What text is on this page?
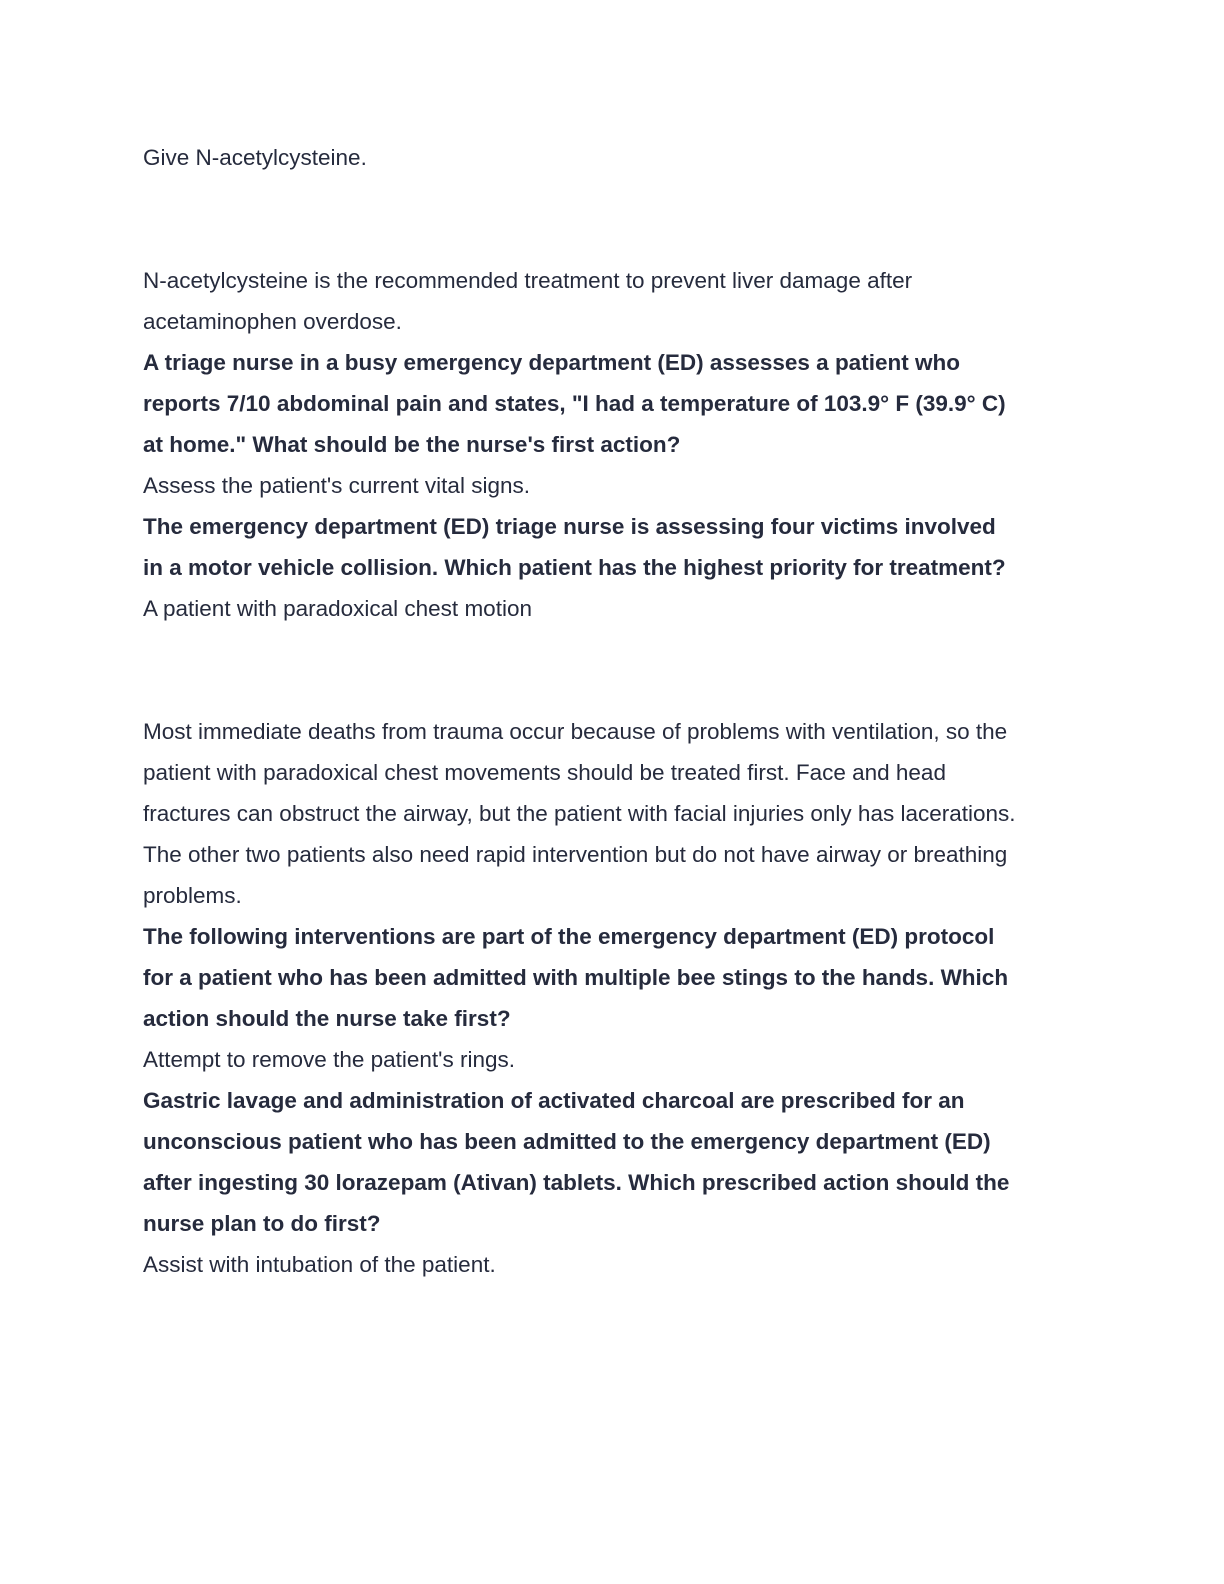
Give N-acetylcysteine.
N-acetylcysteine is the recommended treatment to prevent liver damage after
acetaminophen overdose.
A triage nurse in a busy emergency department (ED) assesses a patient who
reports 7/10 abdominal pain and states, "I had a temperature of 103.9° F (39.9° C)
at home." What should be the nurse's first action?
Assess the patient's current vital signs.
The emergency department (ED) triage nurse is assessing four victims involved
in a motor vehicle collision. Which patient has the highest priority for treatment?
A patient with paradoxical chest motion
Most immediate deaths from trauma occur because of problems with ventilation, so the
patient with paradoxical chest movements should be treated first. Face and head
fractures can obstruct the airway, but the patient with facial injuries only has lacerations.
The other two patients also need rapid intervention but do not have airway or breathing
problems.
The following interventions are part of the emergency department (ED) protocol
for a patient who has been admitted with multiple bee stings to the hands. Which
action should the nurse take first?
Attempt to remove the patient's rings.
Gastric lavage and administration of activated charcoal are prescribed for an
unconscious patient who has been admitted to the emergency department (ED)
after ingesting 30 lorazepam (Ativan) tablets. Which prescribed action should the
nurse plan to do first?
Assist with intubation of the patient.
